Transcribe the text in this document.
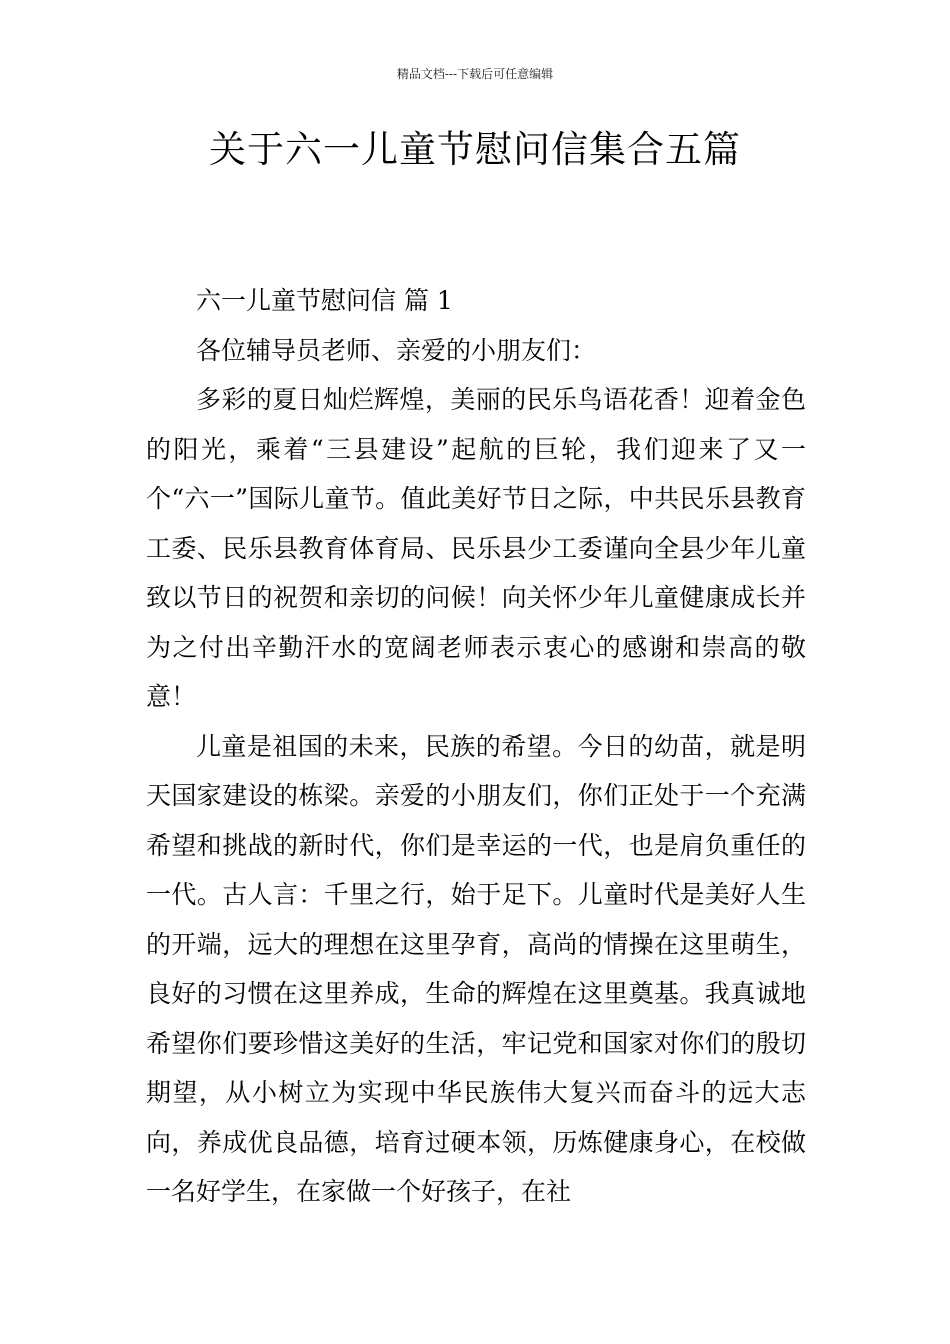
精品文档---下载后可任意编辑
关于六一儿童节慰问信集合五篇

六一儿童节慰问信 篇 1

各位辅导员老师、亲爱的小朋友们：

多彩的夏日灿烂辉煌，美丽的民乐鸟语花香！迎着金色的阳光，乘着“三县建设”起航的巨轮，我们迎来了又一个“六一”国际儿童节。值此美好节日之际，中共民乐县教育工委、民乐县教育体育局、民乐县少工委谨向全县少年儿童致以节日的祝贺和亲切的问候！向关怀少年儿童健康成长并为之付出辛勤汗水的宽阔老师表示衷心的感谢和崇高的敬意！

儿童是祖国的未来，民族的希望。今日的幼苗，就是明天国家建设的栋梁。亲爱的小朋友们，你们正处于一个充满希望和挑战的新时代，你们是幸运的一代，也是肩负重任的一代。古人言：千里之行，始于足下。儿童时代是美好人生的开端，远大的理想在这里孕育，高尚的情操在这里萌生，良好的习惯在这里养成，生命的辉煌在这里奠基。我真诚地希望你们要珍惜这美好的生活，牢记党和国家对你们的殷切期望，从小树立为实现中华民族伟大复兴而奋斗的远大志向，养成优良品德，培育过硬本领，历炼健康身心，在校做一名好学生，在家做一个好孩子，在社
